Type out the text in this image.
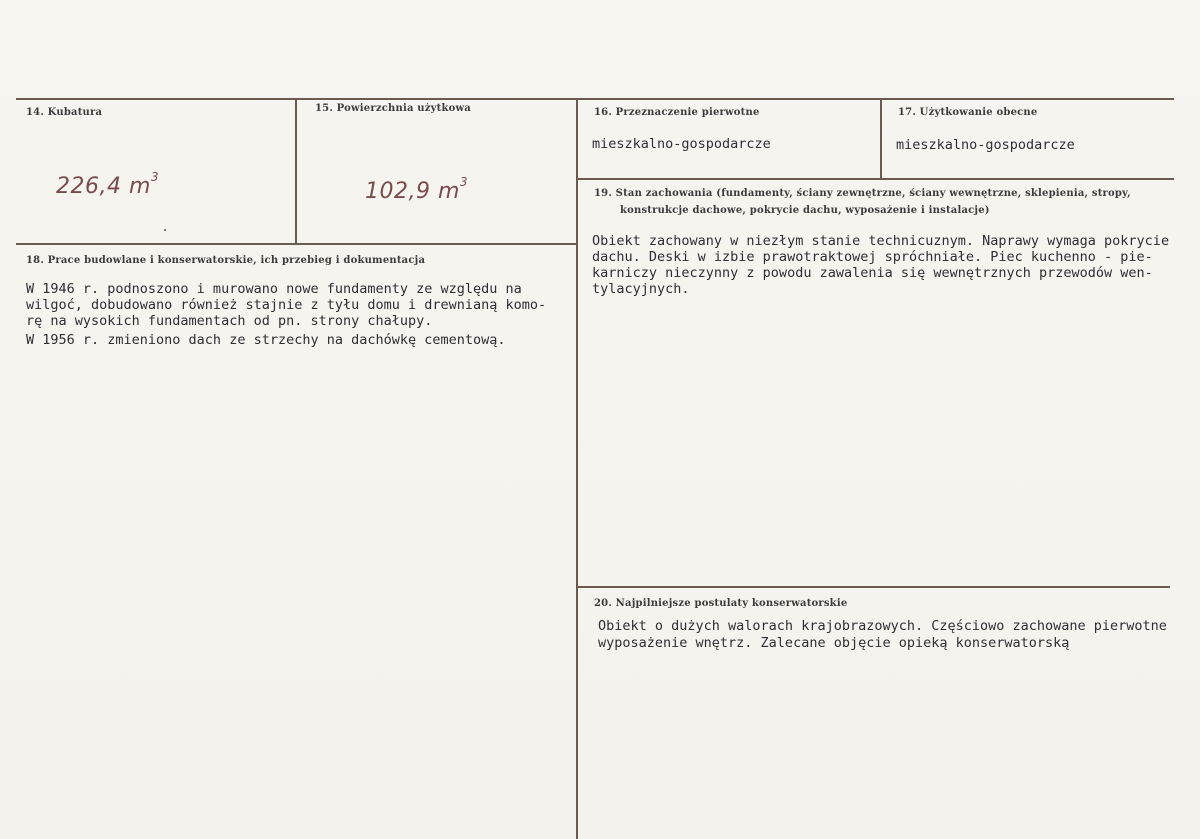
14. Kubatura
226,4 $m^3$
15. Powierzchnia użytkowa
102,9 $m^3$
16. Przeznaczenie pierwotne
mieszkalno-gospodarcze
17. Użytkowanie obecne
mieszkalno-gospodarcze
19. Stan zachowania (fundamenty, ściany zewnętrzne, ściany wewnętrzne, sklepienia, stropy,
konstrukcje dachowe, pokrycie dachu, wyposażenie i instalacje)
Obiekt zachowany w niezłym stanie technicuznym. Naprawy wymaga pokrycie
dachu. Deski w izbie prawotraktowej spróchniałe. Piec kuchenno - pie-
karniczy nieczynny z powodu zawalenia się wewnętrznych przewodów wen-
tylacyjnych.
18. Prace budowlane i konserwatorskie, ich przebieg i dokumentacja
W 1946 r. podnoszono i murowano nowe fundamenty ze względu na
wilgoć, dobudowano również stajnie z tyłu domu i drewnianą komo-
rę na wysokich fundamentach od pn. strony chałupy.
W 1956 r. zmieniono dach ze strzechy na dachówkę cementową.
20. Najpilniejsze postulaty konserwatorskie
Obiekt o dużych walorach krajobrazowych. Częściowo zachowane pierwotne
wyposażenie wnętrz. Zalecane objęcie opieką konserwatorską
